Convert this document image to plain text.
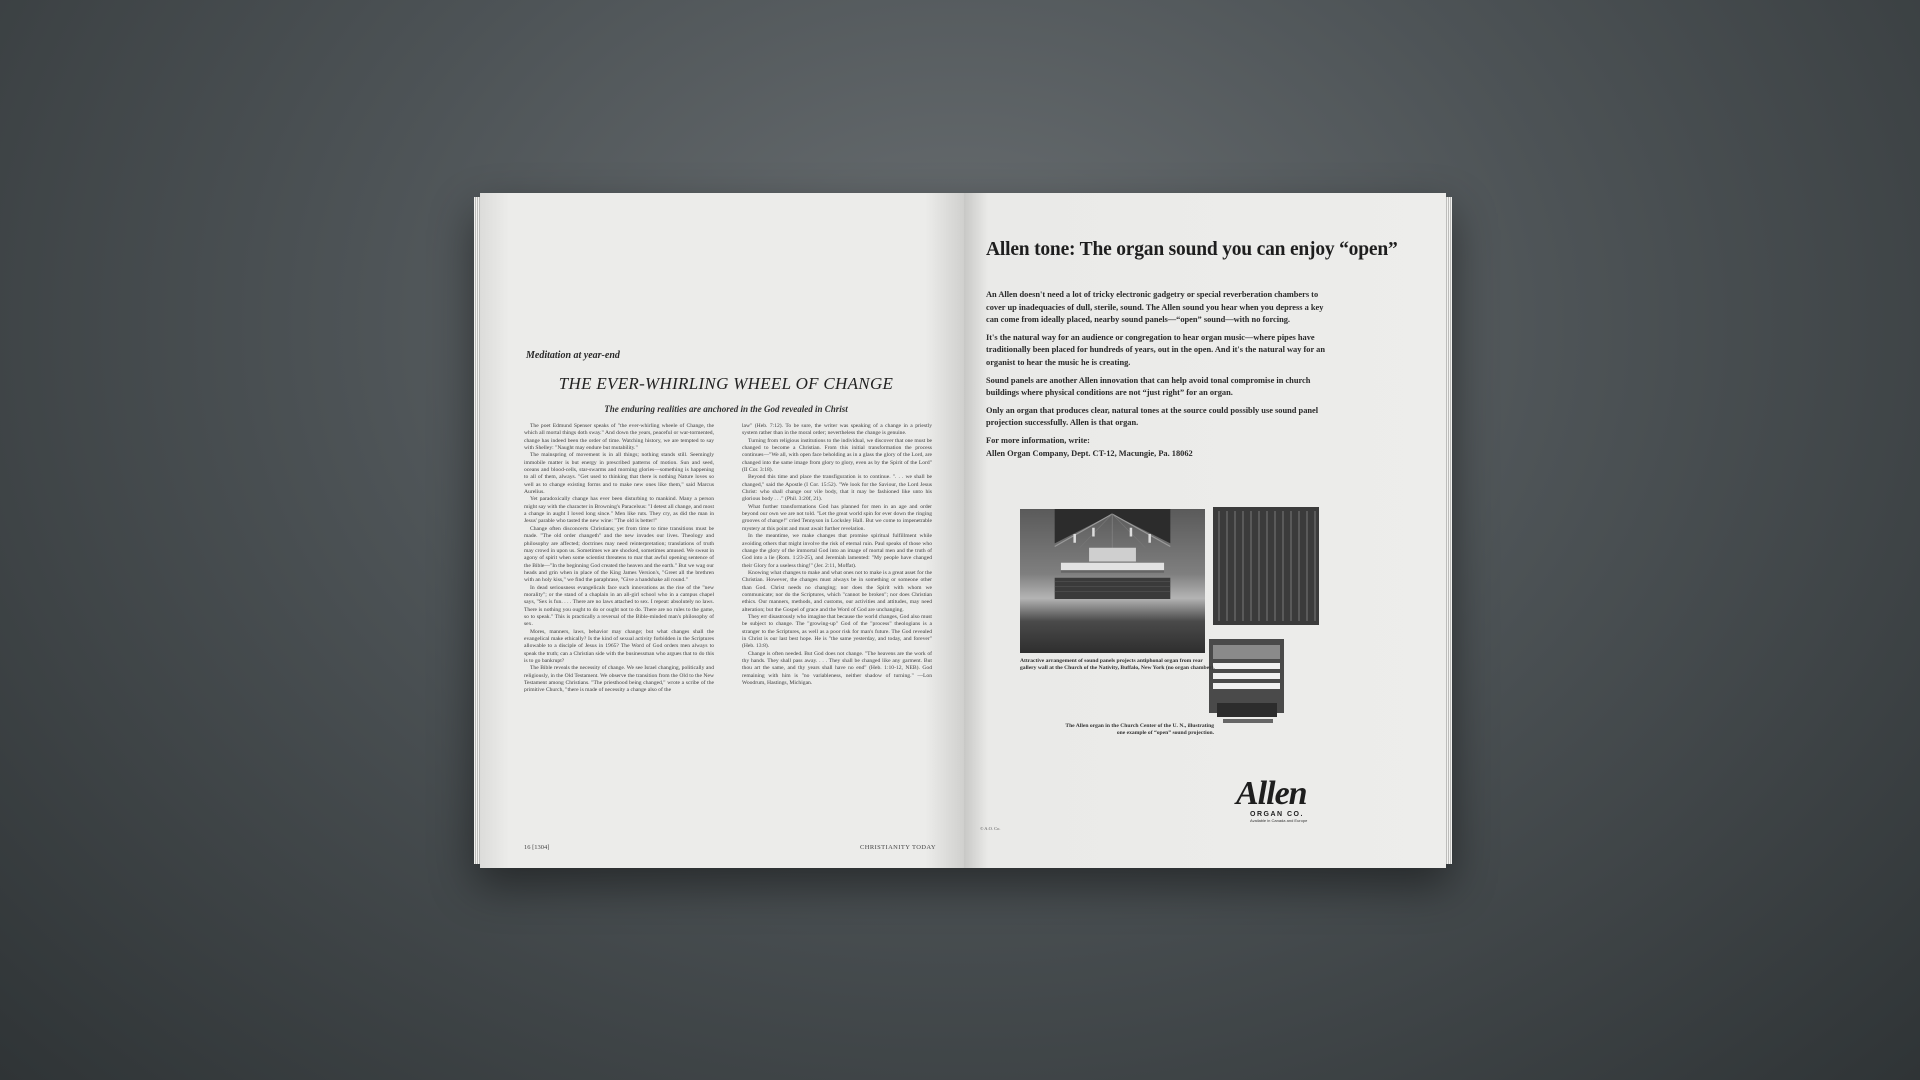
Meditation at year-end
THE EVER-WHIRLING WHEEL OF CHANGE
The enduring realities are anchored in the God revealed in Christ

The poet Edmund Spenser speaks of "the ever-whirling wheele of Change, the which all mortal things doth sway." And down the years, peaceful or war-tormented, change has indeed been the order of time. Watching history, we are tempted to say with Shelley: "Naught may endure but mutability."

The mainspring of movement is in all things; nothing stands still. Seemingly immobile matter is but energy in prescribed patterns of motion. Sun and seed, oceans and blood-cells, star-swarms and morning glories—something is happening to all of them, always. "Get used to thinking that there is nothing Nature loves so well as to change existing forms and to make new ones like them," said Marcus Aurelius.

Yet paradoxically change has ever been disturbing to mankind. Many a person might say with the character in Browning's Paracelsus: "I detest all change, and most a change in aught I loved long since." Men like ruts. They cry, as did the man in Jesus' parable who tasted the new wine: "The old is better!"

Change often disconcerts Christians; yet from time to time transitions must be made. "The old order changeth" and the new invades our lives. Theology and philosophy are affected; doctrines may need reinterpretation; translations of truth may crowd in upon us. Sometimes we are shocked, sometimes amused. We sweat in agony of spirit when some scientist threatens to mar that awful opening sentence of the Bible—"In the beginning God created the heaven and the earth." But we wag our heads and grin when in place of the King James Version's, "Greet all the brethren with an holy kiss," we find the paraphrase, "Give a handshake all round."

In dead seriousness evangelicals face such innovations as the rise of the "new morality"; or the stand of a chaplain in an all-girl school who in a campus chapel says, "Sex is fun. . . . There are no laws attached to sex. I repeat: absolutely no laws. There is nothing you ought to do or ought not to do. There are no rules to the game, so to speak." This is practically a reversal of the Bible-minded man's philosophy of sex.

Mores, manners, laws, behavior may change; but what changes shall the evangelical make ethically? Is the kind of sexual activity forbidden in the Scriptures allowable to a disciple of Jesus in 1965? The Word of God orders men always to speak the truth; can a Christian side with the businessman who argues that to do this is to go bankrupt?

The Bible reveals the necessity of change. We see Israel changing, politically and religiously, in the Old Testament. We observe the transition from the Old to the New Testament among Christians. "The priesthood being changed," wrote a scribe of the primitive Church, "there is made of necessity a change also of the

law" (Heb. 7:12). To be sure, the writer was speaking of a change in a priestly system rather than in the moral order; nevertheless the change is genuine.

Turning from religious institutions to the individual, we discover that one must be changed to become a Christian. From this initial transformation the process continues—"We all, with open face beholding as in a glass the glory of the Lord, are changed into the same image from glory to glory, even as by the Spirit of the Lord" (II Cor. 3:18).

Beyond this time and place the transfiguration is to continue. ". . . we shall be changed," said the Apostle (I Cor. 15:52). "We look for the Saviour, the Lord Jesus Christ: who shall change our vile body, that it may be fashioned like unto his glorious body . . ." (Phil. 3:20f, 21).

What further transformations God has planned for men in an age and order beyond our own we are not told. "Let the great world spin for ever down the ringing grooves of change!" cried Tennyson in Locksley Hall. But we come to impenetrable mystery at this point and must await further revelation.

In the meantime, we make changes that promise spiritual fulfillment while avoiding others that might involve the risk of eternal ruin. Paul speaks of those who change the glory of the immortal God into an image of mortal men and the truth of God into a lie (Rom. 1:23-25), and Jeremiah lamented: "My people have changed their Glory for a useless thing!" (Jer. 2:11, Moffat).

Knowing what changes to make and what ones not to make is a great asset for the Christian. However, the changes must always be in something or someone other than God. Christ needs no changing; nor does the Spirit with whom we communicate; nor do the Scriptures, which "cannot be broken"; nor does Christian ethics. Our manners, methods, and customs, our activities and attitudes, may need alteration; but the Gospel of grace and the Word of God are unchanging.

They err disastrously who imagine that because the world changes, God also must be subject to change. The "growing-up" God of the "process" theologians is a stranger to the Scriptures, as well as a poor risk for man's future. The God revealed in Christ is our last best hope. He is "the same yesterday, and today, and forever" (Heb. 13:8).

Change is often needed. But God does not change. "The heavens are the work of thy hands. They shall pass away. . . . They shall be changed like any garment. But thou art the same, and thy years shall have no end" (Heb. 1:10-12, NEB). God remaining with him is "no variableness, neither shadow of turning." —Lon Woodrum, Hastings, Michigan.

16 [1304]	CHRISTIANITY TODAY
Allen tone: The organ sound you can enjoy “open”

An Allen doesn't need a lot of tricky electronic gadgetry or special reverberation chambers to cover up inadequacies of dull, sterile, sound. The Allen sound you hear when you depress a key can come from ideally placed, nearby sound panels—“open” sound—with no forcing.

It's the natural way for an audience or congregation to hear organ music—where pipes have traditionally been placed for hundreds of years, out in the open. And it's the natural way for an organist to hear the music he is creating.

Sound panels are another Allen innovation that can help avoid tonal compromise in church buildings where physical conditions are not “just right” for an organ.

Only an organ that produces clear, natural tones at the source could possibly use sound panel projection successfully. Allen is that organ.

For more information, write:
Allen Organ Company, Dept. CT-12, Macungie, Pa. 18062

Attractive arrangement of sound panels projects antiphonal organ from rear gallery wall at the Church of the Nativity, Buffalo, New York (no organ chamber).
The Allen organ in the Church Center of the U. N., illustrating one example of “open” sound projection.
Allen
ORGAN CO.
Available in Canada and Europe
© A.O. Co.
